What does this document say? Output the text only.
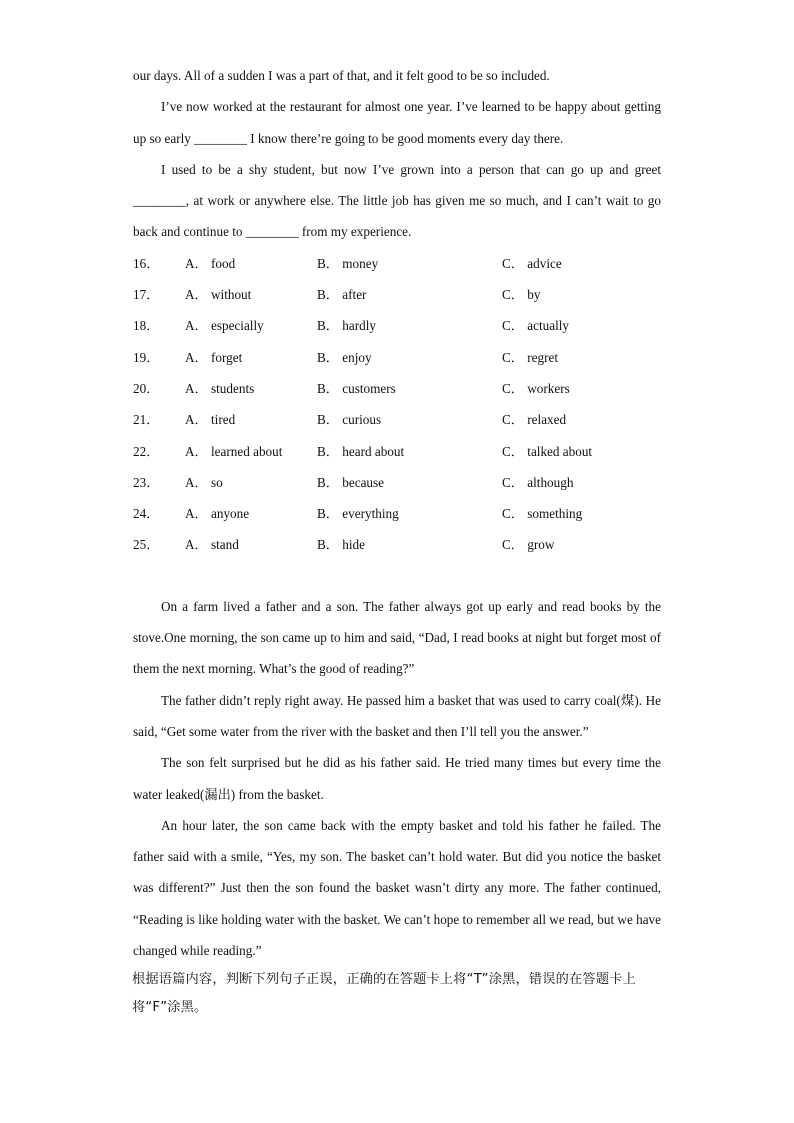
our days. All of a sudden I was a part of that, and it felt good to be so included.

I’ve now worked at the restaurant for almost one year. I’ve learned to be happy about getting up so early ________ I know there’re going to be good moments every day there.

I used to be a shy student, but now I’ve grown into a person that can go up and greet ________, at work or anywhere else. The little job has given me so much, and I can’t wait to go back and continue to ________ from my experience.

16． A． food	B． money	C． advice
17． A． without	B． after	C． by
18． A． especially	B． hardly	C． actually
19． A． forget	B． enjoy	C． regret
20． A． students	B． customers	C． workers
21． A． tired	B． curious	C． relaxed
22． A． learned about	B． heard about	C． talked about
23． A． so	B． because	C． although
24． A． anyone	B． everything	C． something
25． A． stand	B． hide	C． grow

On a farm lived a father and a son. The father always got up early and read books by the stove.One morning, the son came up to him and said, “Dad, I read books at night but forget most of them the next morning. What’s the good of reading?”

The father didn’t reply right away. He passed him a basket that was used to carry coal(煤). He said, “Get some water from the river with the basket and then I’ll tell you the answer.”

The son felt surprised but he did as his father said. He tried many times but every time the water leaked(漏出) from the basket.

An hour later, the son came back with the empty basket and told his father he failed. The father said with a smile, “Yes, my son. The basket can’t hold water. But did you notice the basket was different?” Just then the son found the basket wasn’t dirty any more. The father continued, “Reading is like holding water with the basket. We can’t hope to remember all we read, but we have changed while reading.”

根据语篇内容，判断下列句子正误，正确的在答题卡上将“T”涂黑，错误的在答题卡上将“F”涂黑。
